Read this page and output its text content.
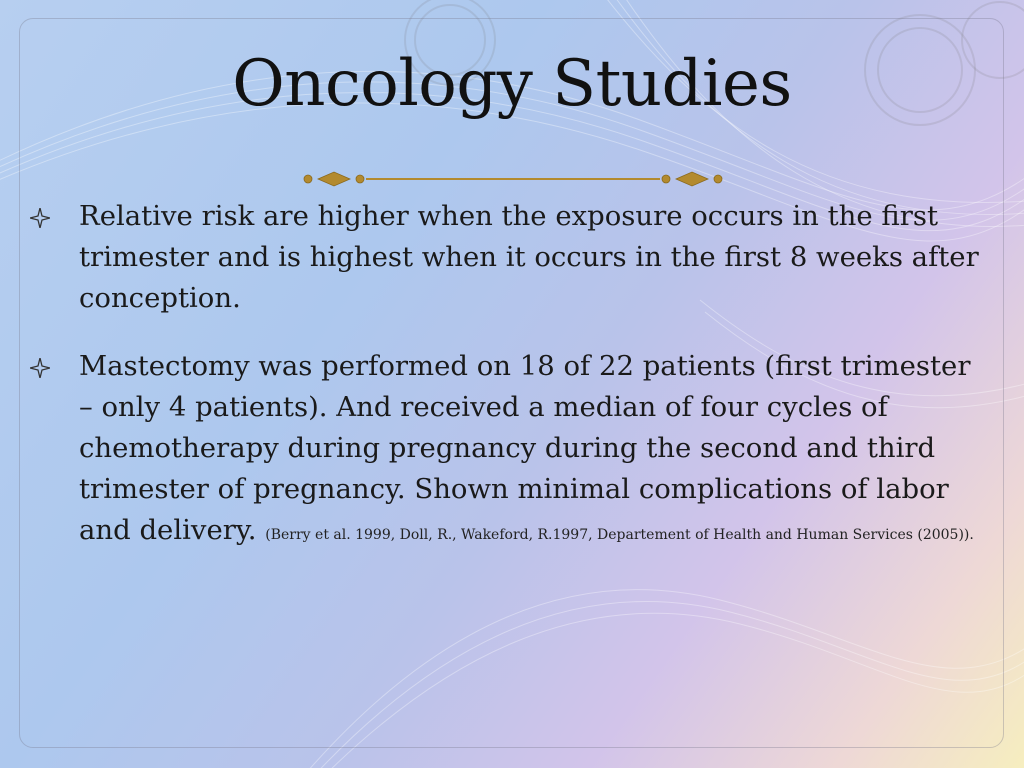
Oncology Studies
Relative risk are higher when the exposure occurs in the first trimester and is highest when it occurs in the first 8 weeks after conception.
Mastectomy was performed on 18 of 22 patients (first trimester – only 4 patients). And received a median of four cycles of chemotherapy during pregnancy during the second and third trimester of pregnancy. Shown minimal complications of labor and delivery. (Berry et al. 1999, Doll, R., Wakeford, R.1997, Departement of Health and Human Services (2005)).
